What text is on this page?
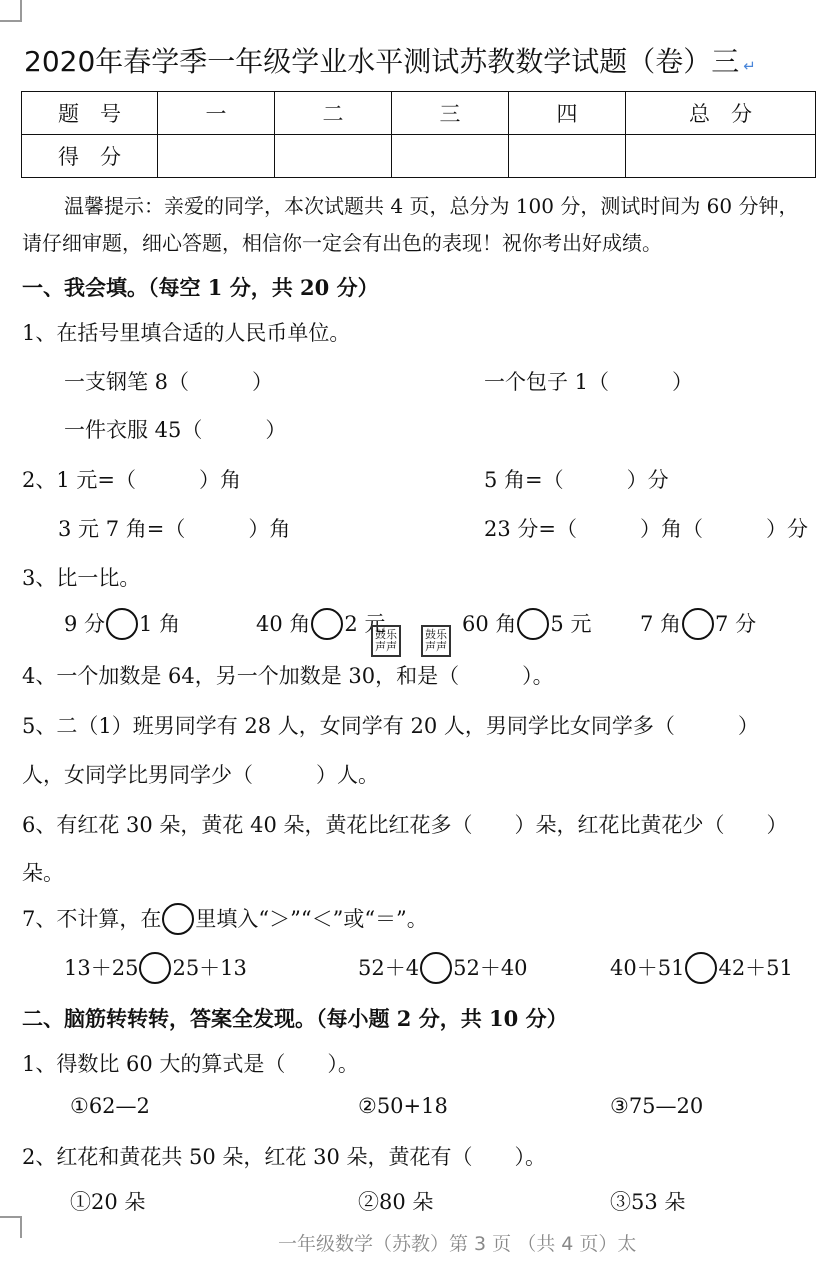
2020年春学季一年级学业水平测试苏教数学试题（卷）三 ↵
题　号	一	二	三	四	总　分
得　分					
温馨提示：亲爱的同学，本次试题共 4 页，总分为 100 分，测试时间为 60 分钟，
请仔细审题，细心答题，相信你一定会有出色的表现！祝你考出好成绩。
一、我会填。（每空 1 分，共 20 分）
1、在括号里填合适的人民币单位。
一支钢笔 8（　　　）	一个包子 1（　　　）
一件衣服 45（　　　）
2、1 元=（　　　）角	5 角=（　　　）分
3 元 7 角=（　　　）角	23 分=（　　　）角（　　　）分
3、比一比。
9 分 1 角	40 角 2 元
鼓乐
声声
鼓乐
声声
60 角 5 元 7 角 7 分
4、一个加数是 64，另一个加数是 30，和是（　　　）。
5、二（1）班男同学有 28 人，女同学有 20 人，男同学比女同学多（　　　）
人，女同学比男同学少（　　　）人。
6、有红花 30 朵，黄花 40 朵，黄花比红花多（　　）朵，红花比黄花少（　　）
朵。
7、不计算，在 里填入“＞”“＜”或“＝”。
13＋25 25＋13	52＋4 52＋40	40＋51 42＋51
二、脑筋转转转，答案全发现。（每小题 2 分，共 10 分）
1、得数比 60 大的算式是（　　）。
①62—2	②50+18	③75—20
2、红花和黄花共 50 朵，红花 30 朵，黄花有（　　）。
①20 朵	②80 朵	③53 朵
一年级数学（苏教）第 3 页 （共 4 页）太
